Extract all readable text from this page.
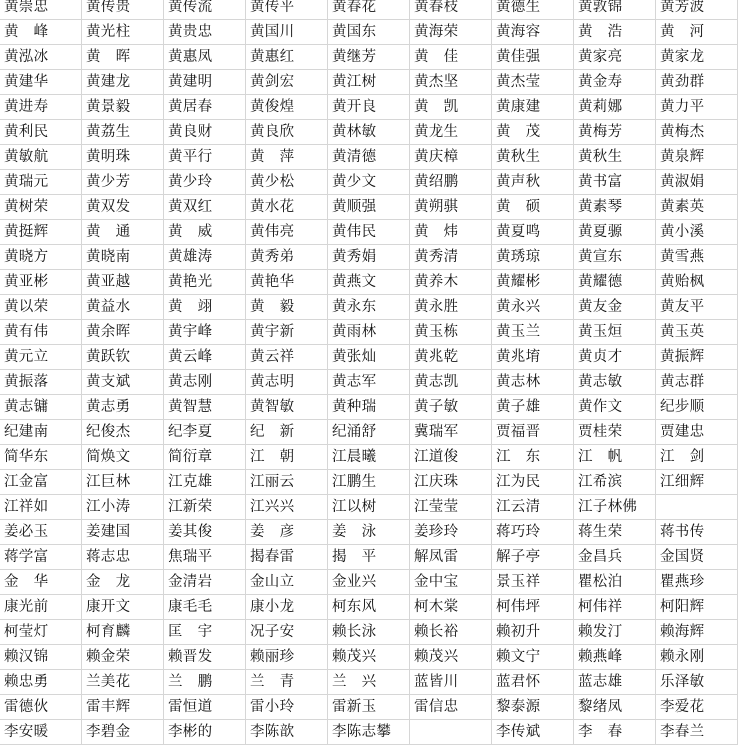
黄崇忠	黄传贵	黄传流	黄传平	黄春花	黄春枝	黄德生	黄敦锦	黄芳波
黄　峰	黄光柱	黄贵忠	黄国川	黄国东	黄海荣	黄海容	黄　浩	黄　河
黄泓冰	黄　晖	黄惠凤	黄惠红	黄继芳	黄　佳	黄佳强	黄家亮	黄家龙
黄建华	黄建龙	黄建明	黄剑宏	黄江树	黄杰坚	黄杰莹	黄金寿	黄劲群
黄进寿	黄景毅	黄居春	黄俊煌	黄开良	黄　凯	黄康建	黄莉娜	黄力平
黄利民	黄荔生	黄良财	黄良欣	黄林敏	黄龙生	黄　茂	黄梅芳	黄梅杰
黄敏航	黄明珠	黄平行	黄　萍	黄清德	黄庆樟	黄秋生	黄秋生	黄泉辉
黄瑞元	黄少芳	黄少玲	黄少松	黄少文	黄绍鹏	黄声秋	黄书富	黄淑娟
黄树荣	黄双发	黄双红	黄水花	黄顺强	黄朔骐	黄　硕	黄素琴	黄素英
黄挺辉	黄　通	黄　威	黄伟亮	黄伟民	黄　炜	黄夏鸣	黄夏𫘪	黄小溪
黄晓方	黄晓南	黄雄涛	黄秀弟	黄秀娟	黄秀清	黄琇琼	黄宣东	黄雪燕
黄亚彬	黄亚越	黄艳光	黄艳华	黄燕文	黄养木	黄耀彬	黄耀德	黄贻枫
黄以荣	黄益水	黄　翊	黄　毅	黄永东	黄永胜	黄永兴	黄友金	黄友平
黄有伟	黄余晖	黄宇峰	黄宇新	黄雨林	黄玉栋	黄玉兰	黄玉烜	黄玉英
黄元立	黄跃钦	黄云峰	黄云祥	黄张灿	黄兆乾	黄兆堉	黄贞才	黄振辉
黄振落	黄支斌	黄志刚	黄志明	黄志军	黄志凯	黄志林	黄志敏	黄志群
黄志镛	黄志勇	黄智慧	黄智敏	黄种瑞	黄子敏	黄子雄	黄作文	纪步顺
纪建南	纪俊杰	纪李夏	纪　新	纪涌舒	冀瑞军	贾福晋	贾桂荣	贾建忠
简华东	简焕文	简衍章	江　朝	江晨曦	江道俊	江　东	江　帆	江　剑
江金富	江巨林	江克雄	江丽云	江鹏生	江庆珠	江为民	江希滨	江细辉
江祥如	江小涛	江新荣	江兴兴	江以树	江莹莹	江云清	江子林佛	
姜必玉	姜建国	姜其俊	姜　彦	姜　泳	姜珍玲	蒋巧玲	蒋生荣	蒋书传
蒋学富	蒋志忠	焦瑞平	揭春雷	揭　平	解凤雷	解子亭	金昌兵	金国贤
金　华	金　龙	金清岩	金山立	金业兴	金中宝	景玉祥	瞿松泊	瞿燕珍
康光前	康开文	康毛毛	康小龙	柯东风	柯木棠	柯伟坪	柯伟祥	柯阳辉
柯莹灯	柯育麟	匡　宇	况子安	赖长泳	赖长裕	赖初升	赖发汀	赖海辉
赖汉锦	赖金荣	赖晋发	赖丽珍	赖茂兴	赖茂兴	赖文宁	赖燕峰	赖永刚
赖忠勇	兰美花	兰　鹏	兰　青	兰　兴	蓝皆川	蓝君怀	蓝志雄	乐泽敏
雷德伙	雷丰辉	雷恒道	雷小玲	雷新玉	雷信忠	黎泰源	黎绪凤	李爱花
李安暖	李碧金	李彬的	李陈歆	李陈志攀		李传斌	李　春	李春兰
